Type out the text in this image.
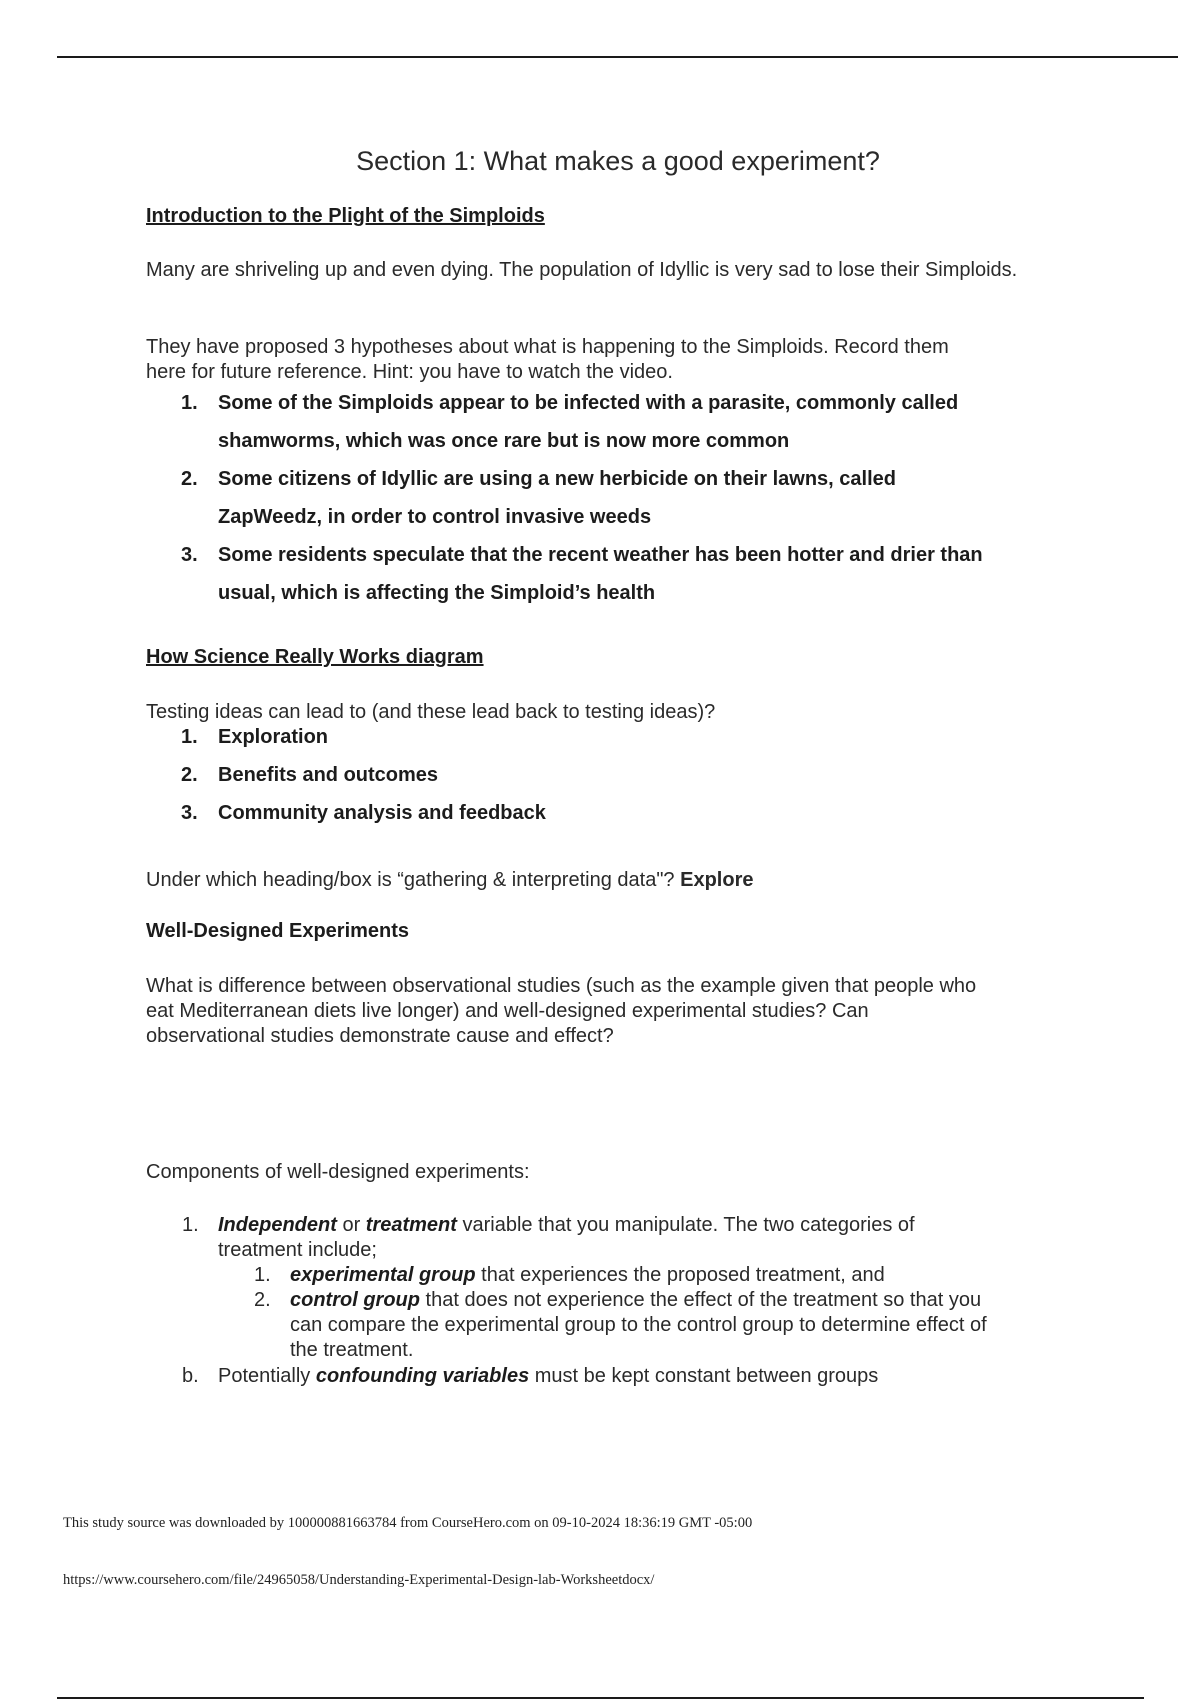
Section 1: What makes a good experiment?
Introduction to the Plight of the Simploids
Many are shriveling up and even dying. The population of Idyllic is very sad to lose their Simploids.
They have proposed 3 hypotheses about what is happening to the Simploids. Record them
here for future reference. Hint: you have to watch the video.
1. Some of the Simploids appear to be infected with a parasite, commonly called
shamworms, which was once rare but is now more common
2. Some citizens of Idyllic are using a new herbicide on their lawns, called
ZapWeedz, in order to control invasive weeds
3. Some residents speculate that the recent weather has been hotter and drier than
usual, which is affecting the Simploid’s health
How Science Really Works diagram
Testing ideas can lead to (and these lead back to testing ideas)?
1. Exploration
2. Benefits and outcomes
3. Community analysis and feedback
Under which heading/box is “gathering & interpreting data"? Explore
Well-Designed Experiments
What is difference between observational studies (such as the example given that people who
eat Mediterranean diets live longer) and well-designed experimental studies? Can
observational studies demonstrate cause and effect?
Components of well-designed experiments:
1. Independent or treatment variable that you manipulate. The two categories of
treatment include;
1. experimental group that experiences the proposed treatment, and
2. control group that does not experience the effect of the treatment so that you
can compare the experimental group to the control group to determine effect of
the treatment.
b. Potentially confounding variables must be kept constant between groups
This study source was downloaded by 100000881663784 from CourseHero.com on 09-10-2024 18:36:19 GMT -05:00
https://www.coursehero.com/file/24965058/Understanding-Experimental-Design-lab-Worksheetdocx/
